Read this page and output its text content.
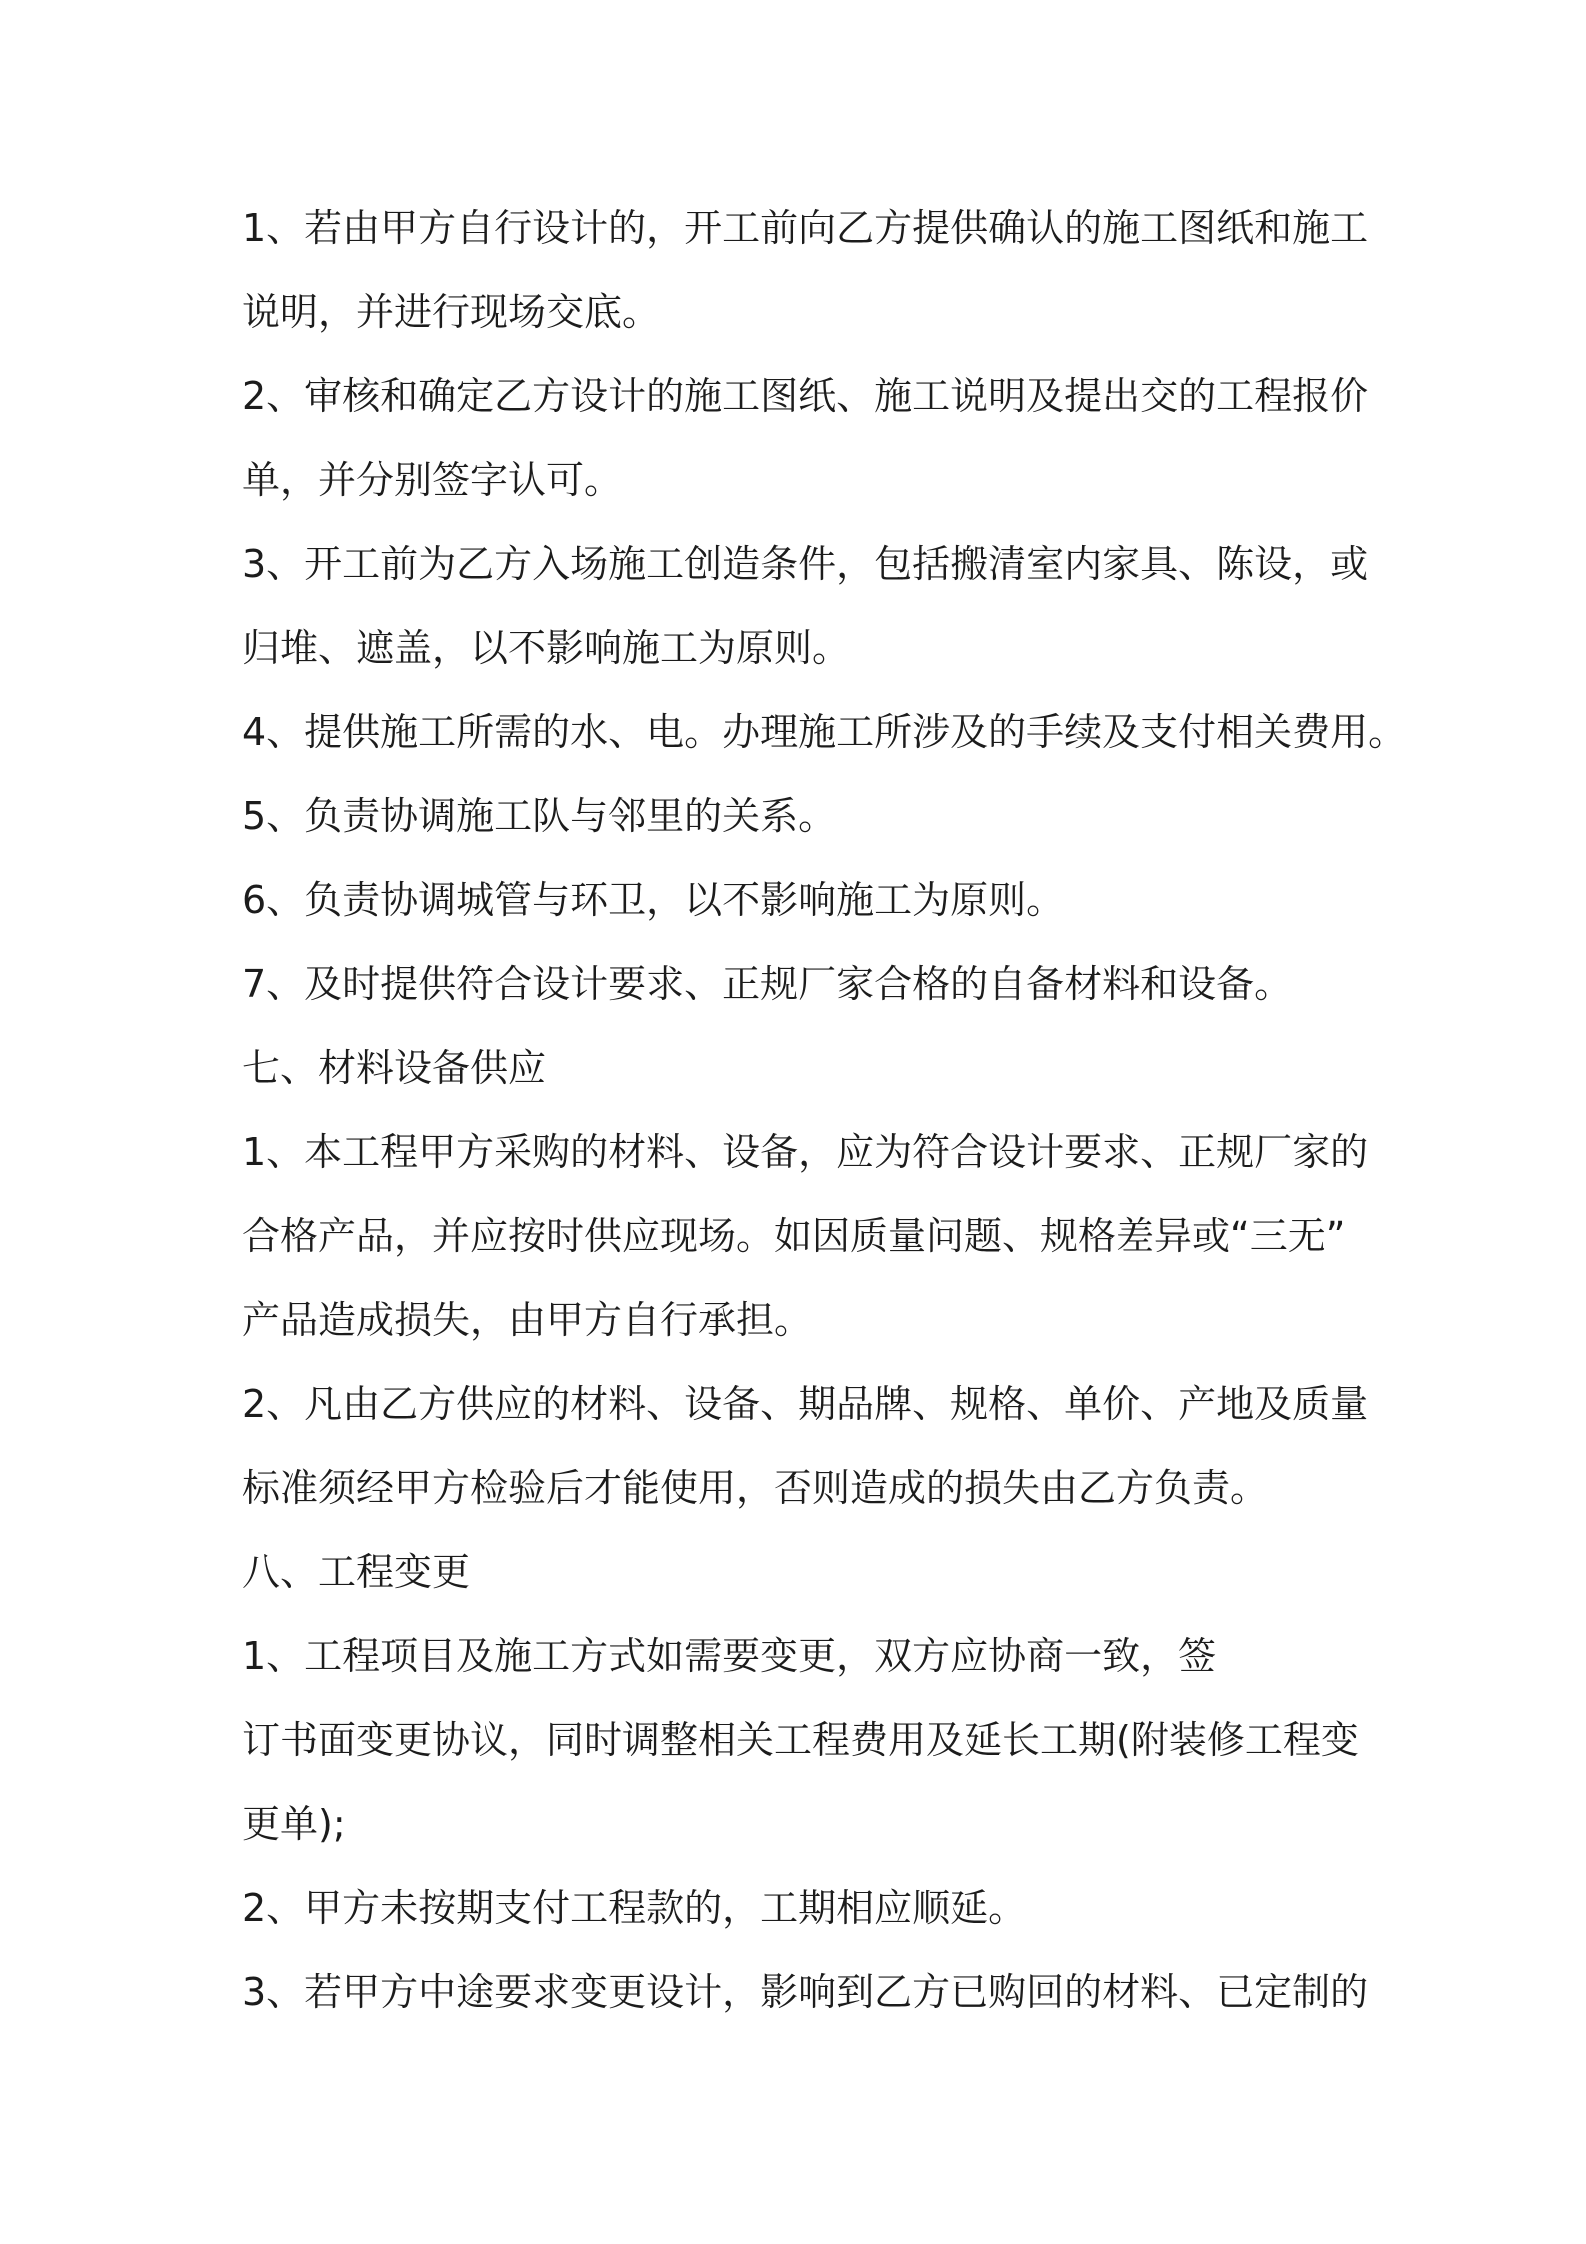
1、若由甲方自行设计的，开工前向乙方提供确认的施工图纸和施工
说明，并进行现场交底。
2、审核和确定乙方设计的施工图纸、施工说明及提出交的工程报价
单，并分别签字认可。
3、开工前为乙方入场施工创造条件，包括搬清室内家具、陈设，或
归堆、遮盖，以不影响施工为原则。
4、提供施工所需的水、电。办理施工所涉及的手续及支付相关费用。
5、负责协调施工队与邻里的关系。
6、负责协调城管与环卫，以不影响施工为原则。
7、及时提供符合设计要求、正规厂家合格的自备材料和设备。
七、材料设备供应
1、本工程甲方采购的材料、设备，应为符合设计要求、正规厂家的
合格产品，并应按时供应现场。如因质量问题、规格差异或“三无”
产品造成损失，由甲方自行承担。
2、凡由乙方供应的材料、设备、期品牌、规格、单价、产地及质量
标准须经甲方检验后才能使用，否则造成的损失由乙方负责。
八、工程变更
1、工程项目及施工方式如需要变更，双方应协商一致，签
订书面变更协议，同时调整相关工程费用及延长工期(附装修工程变
更单);
2、甲方未按期支付工程款的，工期相应顺延。
3、若甲方中途要求变更设计，影响到乙方已购回的材料、已定制的
